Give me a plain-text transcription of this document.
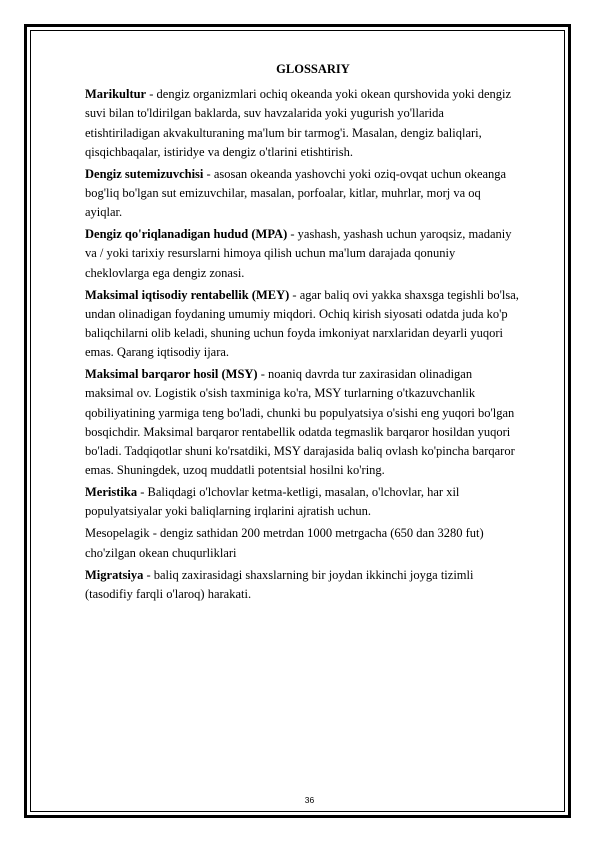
GLOSSARIY

Marikultur - dengiz organizmlari ochiq okeanda yoki okean qurshovida yoki dengiz suvi bilan to'ldirilgan baklarda, suv havzalarida yoki yugurish yo'llarida etishtiriladigan akvakulturaning ma'lum bir tarmog'i. Masalan, dengiz baliqlari, qisqichbaqalar, istiridye va dengiz o'tlarini etishtirish.

Dengiz sutemizuvchisi - asosan okeanda yashovchi yoki oziq-ovqat uchun okeanga bog'liq bo'lgan sut emizuvchilar, masalan, porfoalar, kitlar, muhrlar, morj va oq ayiqlar.

Dengiz qo'riqlanadigan hudud (MPA) - yashash, yashash uchun yaroqsiz, madaniy va / yoki tarixiy resurslarni himoya qilish uchun ma'lum darajada qonuniy cheklovlarga ega dengiz zonasi.

Maksimal iqtisodiy rentabellik (MEY) - agar baliq ovi yakka shaxsga tegishli bo'lsa, undan olinadigan foydaning umumiy miqdori. Ochiq kirish siyosati odatda juda ko'p baliqchilarni olib keladi, shuning uchun foyda imkoniyat narxlaridan deyarli yuqori emas. Qarang iqtisodiy ijara.

Maksimal barqaror hosil (MSY) - noaniq davrda tur zaxirasidan olinadigan maksimal ov. Logistik o'sish taxminiga ko'ra, MSY turlarning o'tkazuvchanlik qobiliyatining yarmiga teng bo'ladi, chunki bu populyatsiya o'sishi eng yuqori bo'lgan bosqichdir. Maksimal barqaror rentabellik odatda tegmaslik barqaror hosildan yuqori bo'ladi. Tadqiqotlar shuni ko'rsatdiki, MSY darajasida baliq ovlash ko'pincha barqaror emas. Shuningdek, uzoq muddatli potentsial hosilni ko'ring.

Meristika - Baliqdagi o'lchovlar ketma-ketligi, masalan, o'lchovlar, har xil populyatsiyalar yoki baliqlarning irqlarini ajratish uchun.

Mesopelagik - dengiz sathidan 200 metrdan 1000 metrgacha (650 dan 3280 fut) cho'zilgan okean chuqurliklari

Migratsiya - baliq zaxirasidagi shaxslarning bir joydan ikkinchi joyga tizimli (tasodifiy farqli o'laroq) harakati.

36
